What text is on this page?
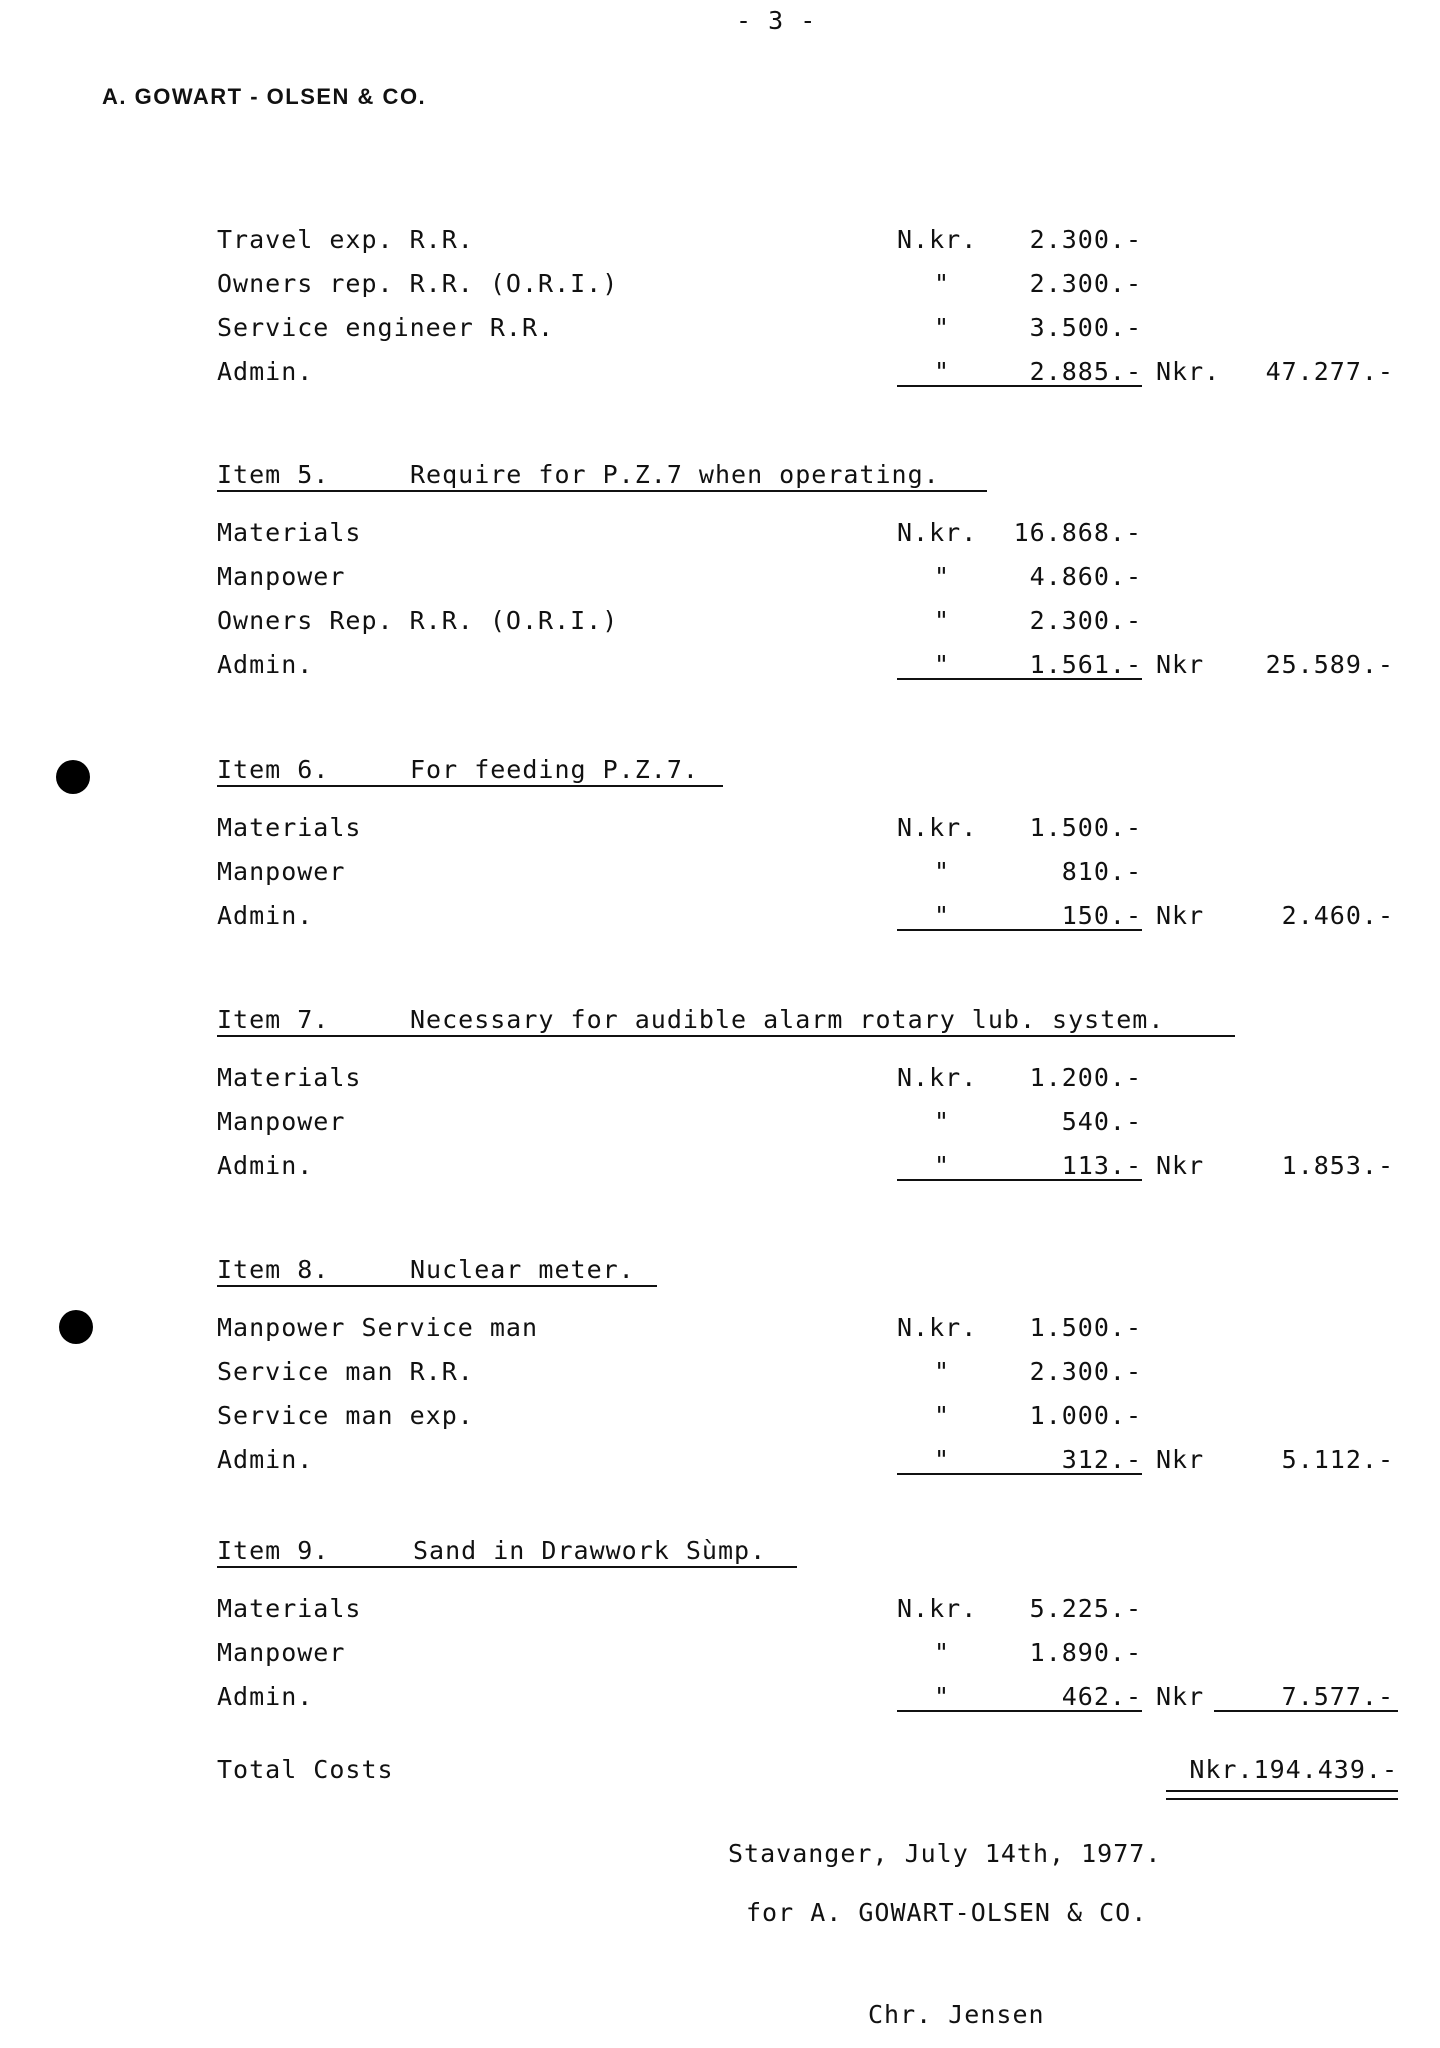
- 3 -
A. GOWART - OLSEN & CO.
Travel exp. R.R.	N.kr.	2.300.-
Owners rep. R.R. (O.R.I.)	"	2.300.-
Service engineer R.R.	"	3.500.-
Admin.	"	2.885.- Nkr.	47.277.-
Item 5.	Require for P.Z.7 when operating.
Materials	N.kr.	16.868.-
Manpower	"	4.860.-
Owners Rep. R.R. (O.R.I.)	"	2.300.-
Admin.	"	1.561.- Nkr	25.589.-
Item 6.	For feeding P.Z.7.
Materials	N.kr.	1.500.-
Manpower	"	810.-
Admin.	"	150.- Nkr	2.460.-
Item 7.	Necessary for audible alarm rotary lub. system.
Materials	N.kr.	1.200.-
Manpower	"	540.-
Admin.	"	113.- Nkr	1.853.-
Item 8.	Nuclear meter.
Manpower Service man	N.kr.	1.500.-
Service man R.R.	"	2.300.-
Service man exp.	"	1.000.-
Admin.	"	312.- Nkr	5.112.-
Item 9.	Sand in Drawwork Sùmp.
Materials	N.kr.	5.225.-
Manpower	"	1.890.-
Admin.	"	462.- Nkr	7.577.-
Total Costs	Nkr.194.439.-
Stavanger, July 14th, 1977.
for A. GOWART-OLSEN & CO.
Chr. Jensen
